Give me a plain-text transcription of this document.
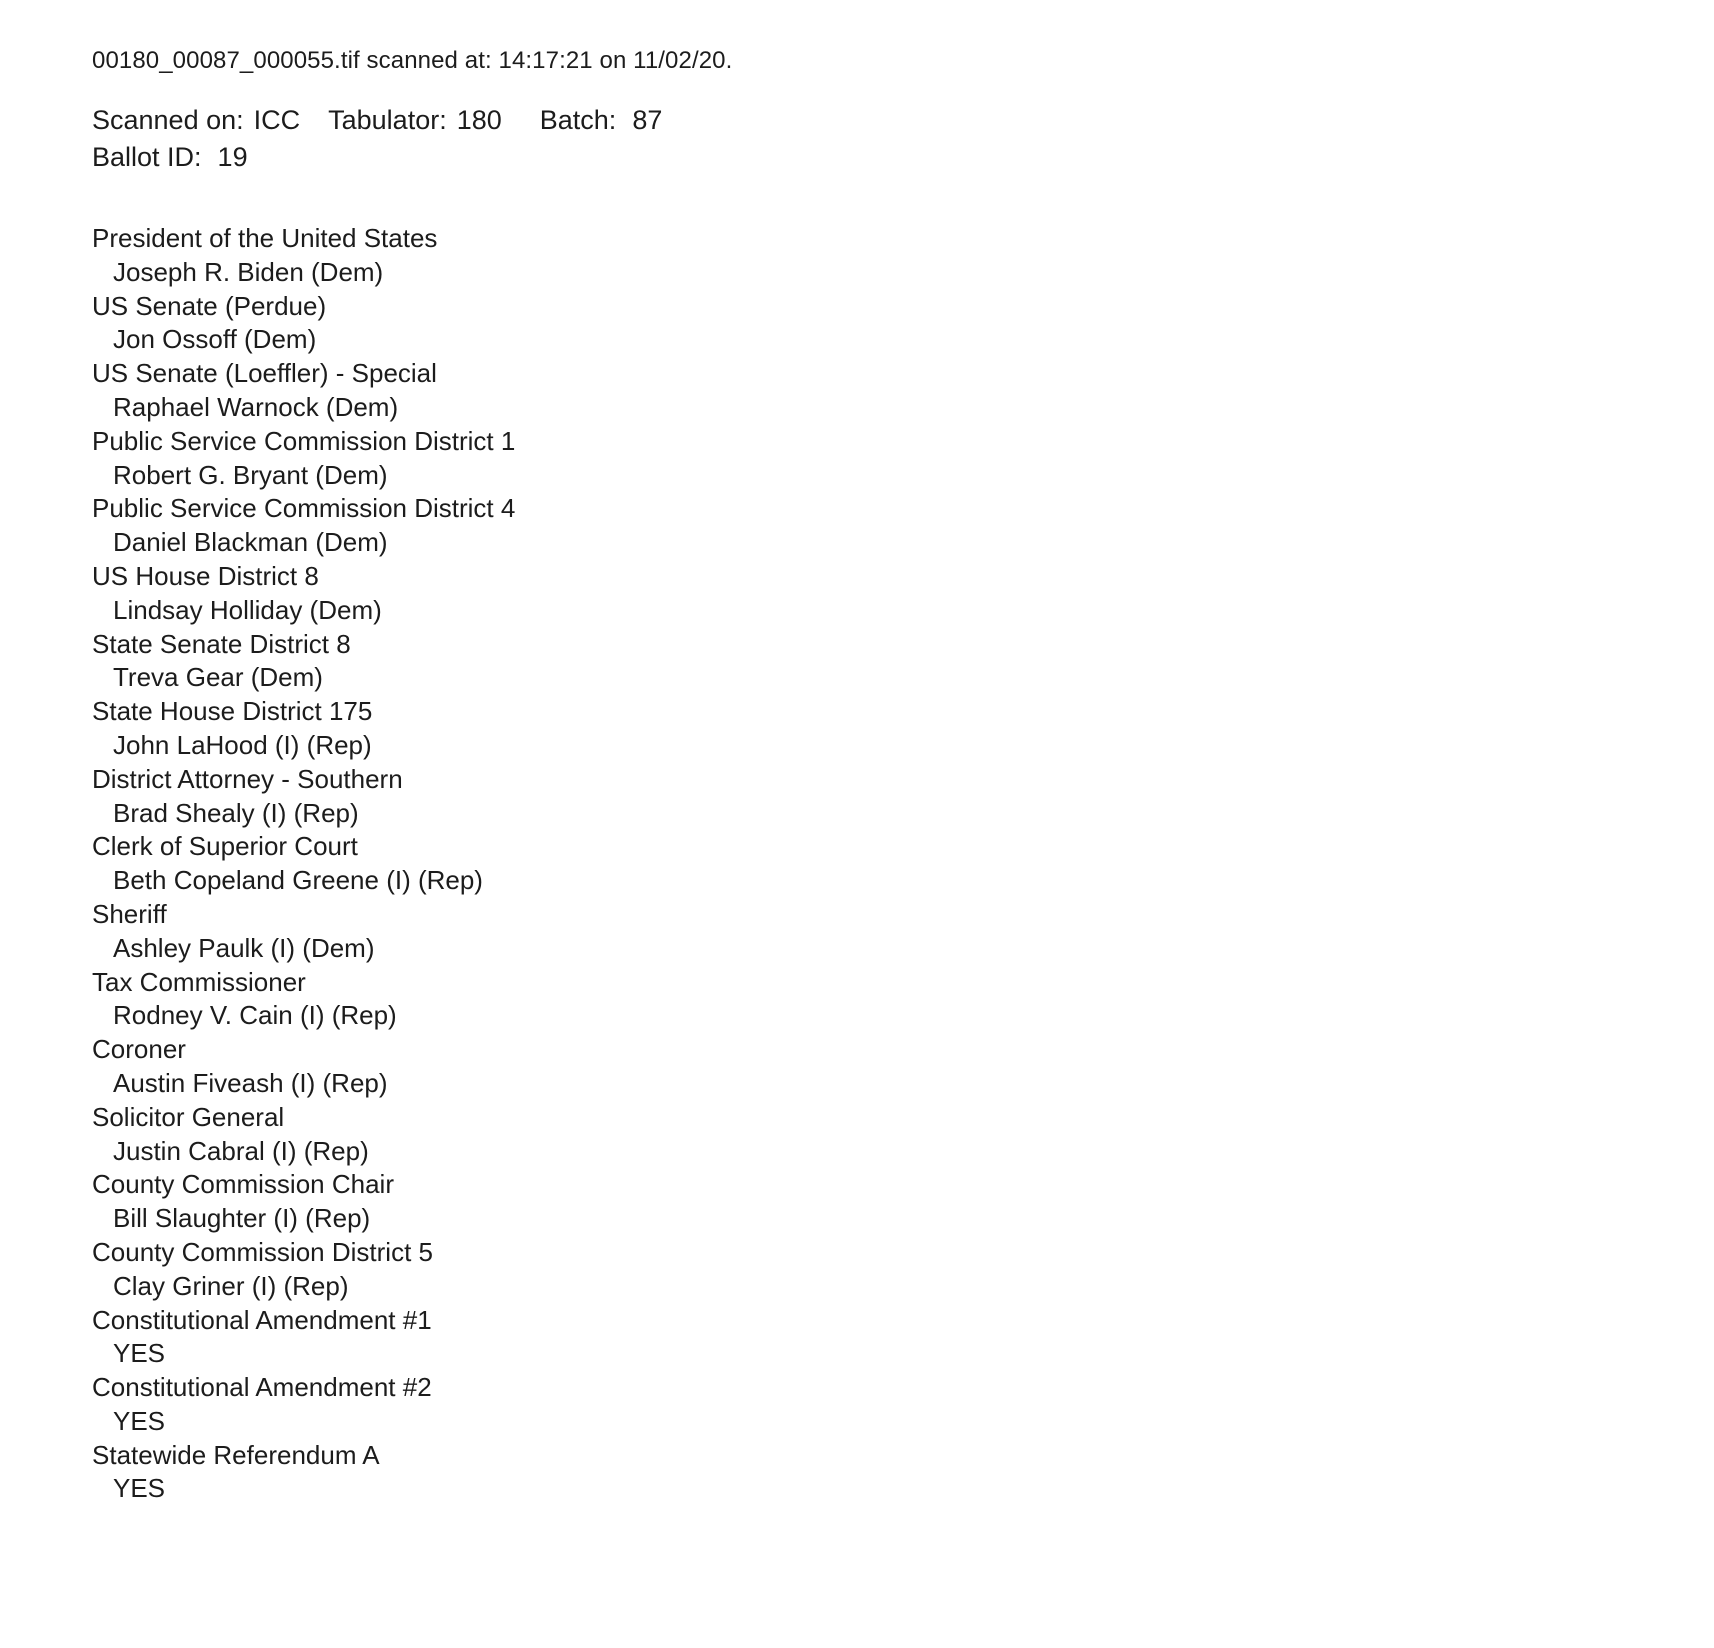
00180_00087_000055.tif scanned at: 14:17:21 on 11/02/20.
Scanned on: ICC Tabulator: 180 Batch: 87
Ballot ID: 19
President of the United States
Joseph R. Biden (Dem)
US Senate (Perdue)
Jon Ossoff (Dem)
US Senate (Loeffler) - Special
Raphael Warnock (Dem)
Public Service Commission District 1
Robert G. Bryant (Dem)
Public Service Commission District 4
Daniel Blackman (Dem)
US House District 8
Lindsay Holliday (Dem)
State Senate District 8
Treva Gear (Dem)
State House District 175
John LaHood (I) (Rep)
District Attorney - Southern
Brad Shealy (I) (Rep)
Clerk of Superior Court
Beth Copeland Greene (I) (Rep)
Sheriff
Ashley Paulk (I) (Dem)
Tax Commissioner
Rodney V. Cain (I) (Rep)
Coroner
Austin Fiveash (I) (Rep)
Solicitor General
Justin Cabral (I) (Rep)
County Commission Chair
Bill Slaughter (I) (Rep)
County Commission District 5
Clay Griner (I) (Rep)
Constitutional Amendment #1
YES
Constitutional Amendment #2
YES
Statewide Referendum A
YES
